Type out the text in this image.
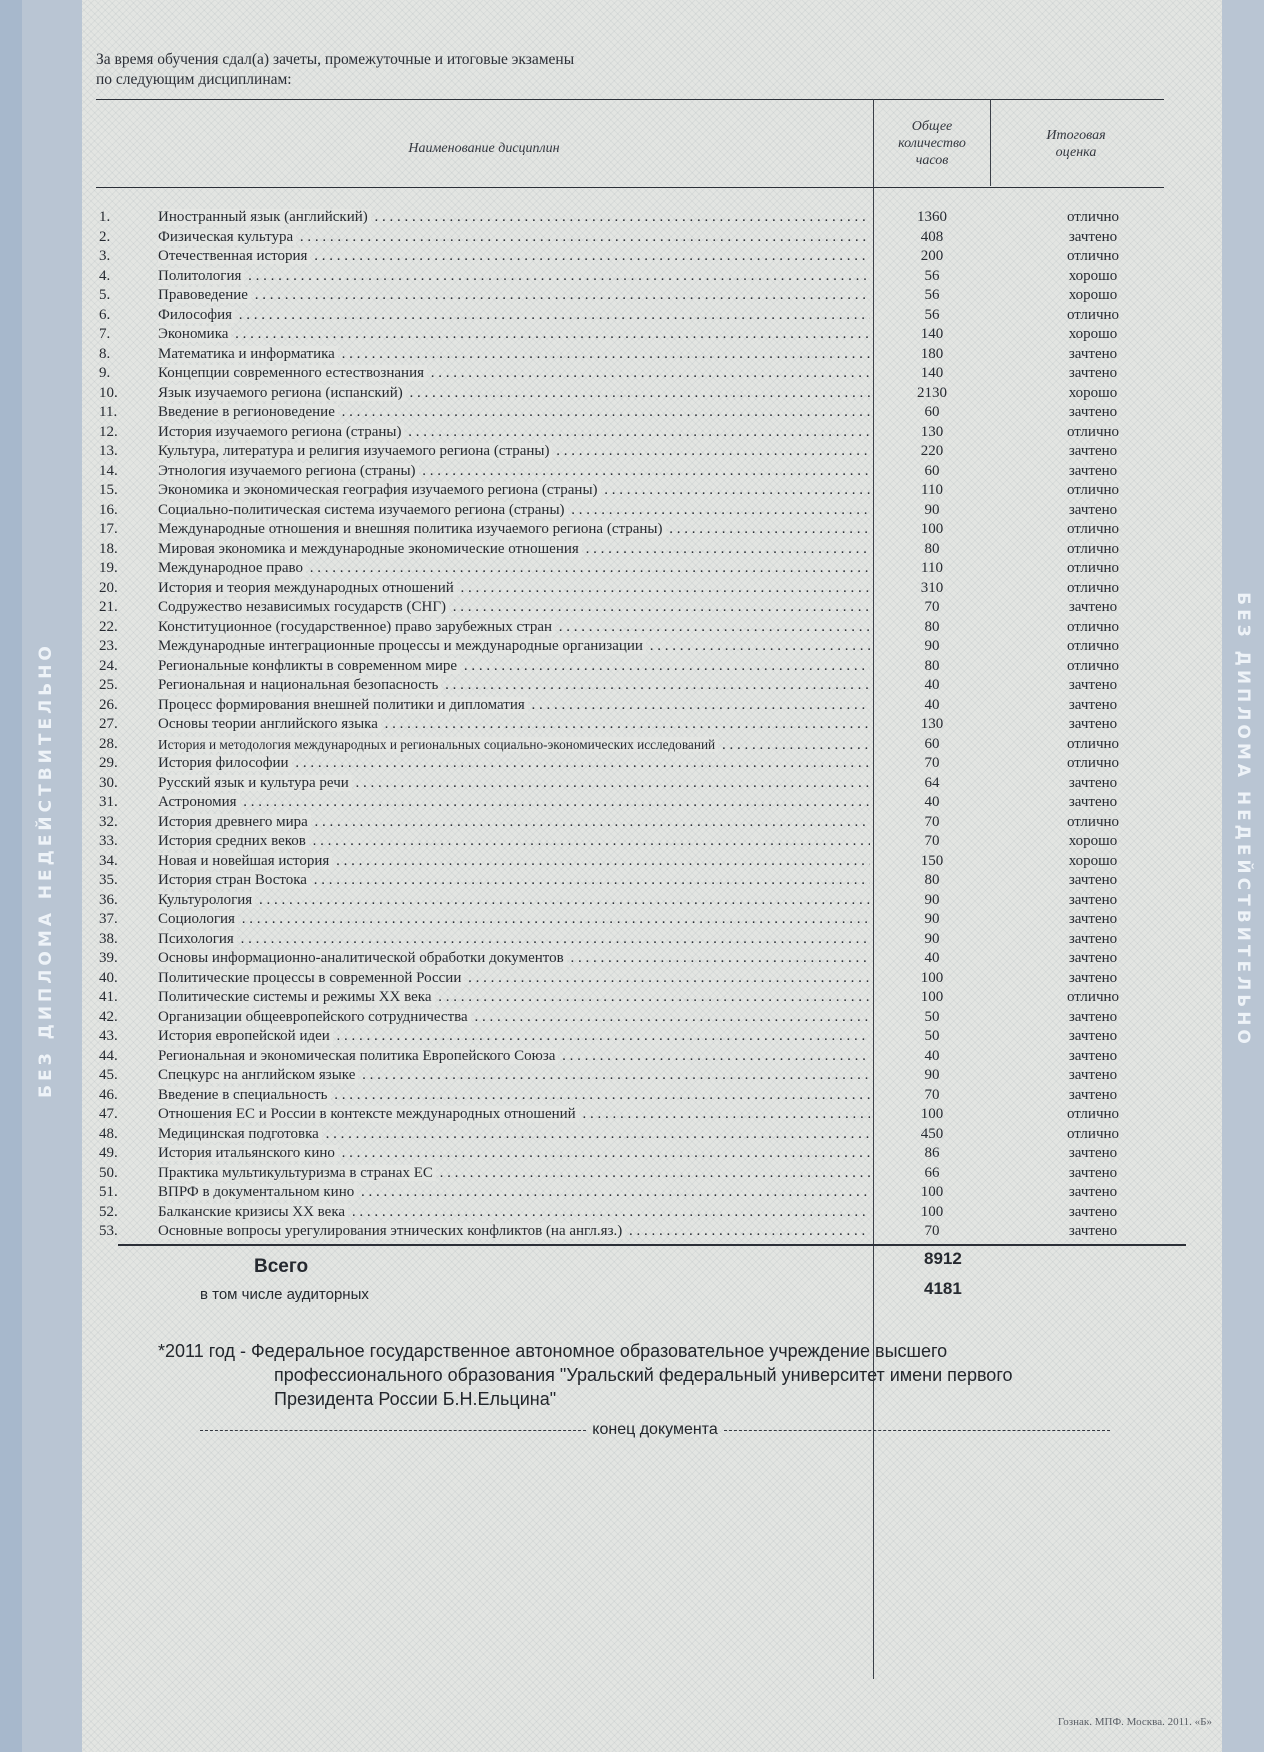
БЕЗ ДИПЛОМА НЕДЕЙСТВИТЕЛЬНО	БЕЗ ДИПЛОМА НЕДЕЙСТВИТЕЛЬНО
За время обучения сдал(а) зачеты, промежуточные и итоговые экзамены
по следующим дисциплинам:
Наименование дисциплин
Общее
количество
часов
Итоговая
оценка
1.	Иностранный язык (английский) . . .	1360	отлично
2.	Физическая культура . . .	408	зачтено
3.	Отечественная история . . .	200	отлично
4.	Политология . . .	56	хорошо
5.	Правоведение . . .	56	хорошо
6.	Философия . . .	56	отлично
7.	Экономика . . .	140	хорошо
8.	Математика и информатика . . .	180	зачтено
9.	Концепции современного естествознания . . .	140	зачтено
10.	Язык изучаемого региона (испанский) . . .	2130	хорошо
11.	Введение в регионоведение . . .	60	зачтено
12.	История изучаемого региона (страны) . . .	130	отлично
13.	Культура, литература и религия изучаемого региона (страны) . . .	220	зачтено
14.	Этнология изучаемого региона (страны) . . .	60	зачтено
15.	Экономика и экономическая география изучаемого региона (страны) . . .	110	отлично
16.	Социально-политическая система изучаемого региона (страны) . . .	90	зачтено
17.	Международные отношения и внешняя политика изучаемого региона (страны) . . .	100	отлично
18.	Мировая экономика и международные экономические отношения . . .	80	отлично
19.	Международное право . . .	110	отлично
20.	История и теория международных отношений . . .	310	отлично
21.	Содружество независимых государств (СНГ) . . .	70	зачтено
22.	Конституционное (государственное) право зарубежных стран . . .	80	отлично
23.	Международные интеграционные процессы и международные организации . . .	90	отлично
24.	Региональные конфликты в современном мире . . .	80	отлично
25.	Региональная и национальная безопасность . . .	40	зачтено
26.	Процесс формирования внешней политики и дипломатия . . .	40	зачтено
27.	Основы теории английского языка . . .	130	зачтено
28.	История и методология международных и региональных социально-экономических исследований . . .	60	отлично
29.	История философии . . .	70	отлично
30.	Русский язык и культура речи . . .	64	зачтено
31.	Астрономия . . .	40	зачтено
32.	История древнего мира . . .	70	отлично
33.	История средних веков . . .	70	хорошо
34.	Новая и новейшая история . . .	150	хорошо
35.	История стран Востока . . .	80	зачтено
36.	Культурология . . .	90	зачтено
37.	Социология . . .	90	зачтено
38.	Психология . . .	90	зачтено
39.	Основы информационно-аналитической обработки документов . . .	40	зачтено
40.	Политические процессы в современной России . . .	100	зачтено
41.	Политические системы и режимы XX века . . .	100	отлично
42.	Организации общеевропейского сотрудничества . . .	50	зачтено
43.	История европейской идеи . . .	50	зачтено
44.	Региональная и экономическая политика Европейского Союза . . .	40	зачтено
45.	Спецкурс на английском языке . . .	90	зачтено
46.	Введение в специальность . . .	70	зачтено
47.	Отношения ЕС и России в контексте международных отношений . . .	100	отлично
48.	Медицинская подготовка . . .	450	отлично
49.	История итальянского кино . . .	86	зачтено
50.	Практика мультикультуризма в странах ЕС . . .	66	зачтено
51.	ВПРФ в документальном кино . . .	100	зачтено
52.	Балканские кризисы XX века . . .	100	зачтено
53.	Основные вопросы урегулирования этнических конфликтов (на англ.яз.) . . .	70	зачтено
Всего	8912
в том числе аудиторных	4181
*2011 год - Федеральное государственное автономное образовательное учреждение высшего
профессионального образования "Уральский федеральный университет имени первого
Президента России Б.Н.Ельцина"
конец документа
Гознак. МПФ. Москва. 2011. «Б»
